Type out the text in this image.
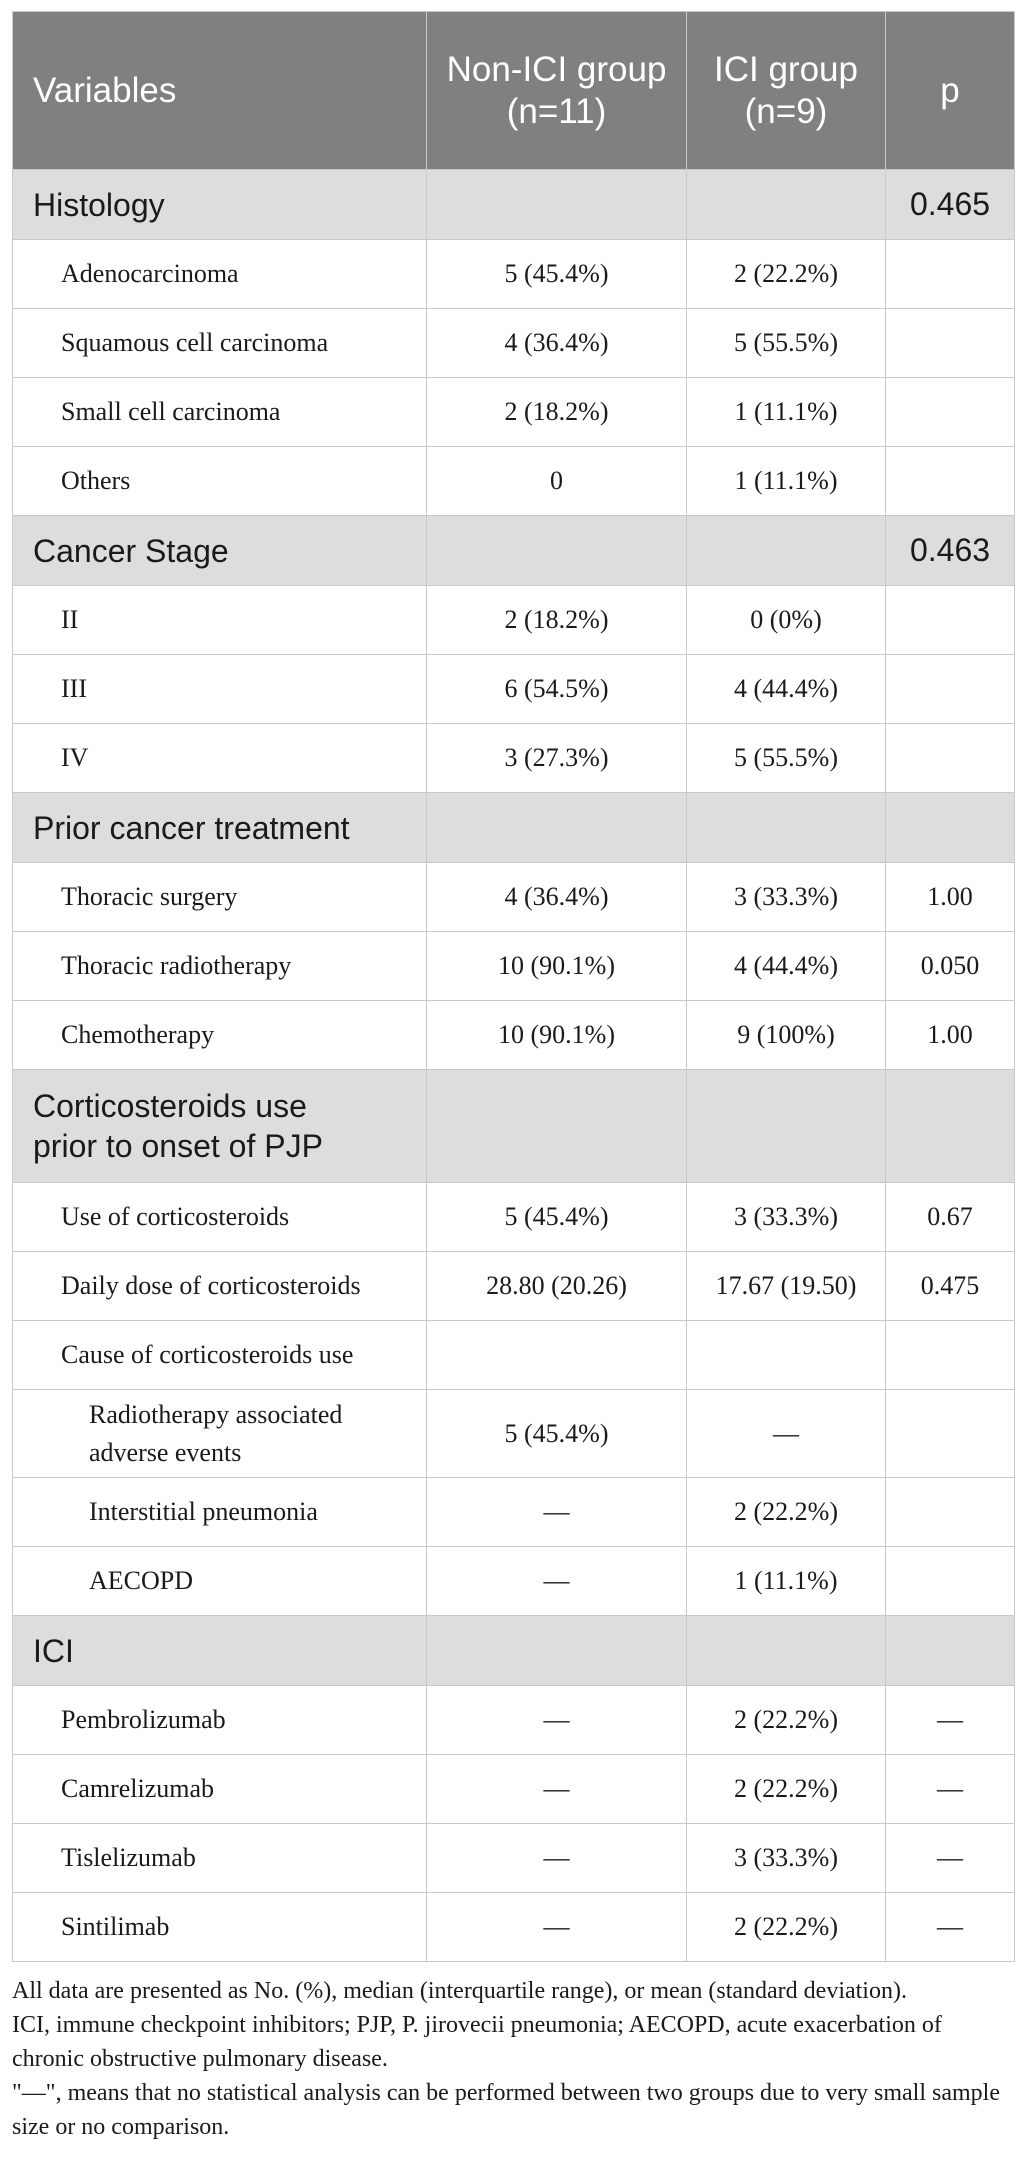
Variables	Non-ICI group (n=11)	ICI group (n=9)	p
Histology			0.465
Adenocarcinoma	5 (45.4%)	2 (22.2%)	
Squamous cell carcinoma	4 (36.4%)	5 (55.5%)	
Small cell carcinoma	2 (18.2%)	1 (11.1%)	
Others	0	1 (11.1%)	
Cancer Stage			0.463
II	2 (18.2%)	0 (0%)	
III	6 (54.5%)	4 (44.4%)	
IV	3 (27.3%)	5 (55.5%)	
Prior cancer treatment			
Thoracic surgery	4 (36.4%)	3 (33.3%)	1.00
Thoracic radiotherapy	10 (90.1%)	4 (44.4%)	0.050
Chemotherapy	10 (90.1%)	9 (100%)	1.00
Corticosteroids use
prior to onset of PJP			
Use of corticosteroids	5 (45.4%)	3 (33.3%)	0.67
Daily dose of corticosteroids	28.80 (20.26)	17.67 (19.50)	0.475
Cause of corticosteroids use			
Radiotherapy associated
adverse events	5 (45.4%)	—	
Interstitial pneumonia	—	2 (22.2%)	
AECOPD	—	1 (11.1%)	
ICI			
Pembrolizumab	—	2 (22.2%)	—
Camrelizumab	—	2 (22.2%)	—
Tislelizumab	—	3 (33.3%)	—
Sintilimab	—	2 (22.2%)	—

All data are presented as No. (%), median (interquartile range), or mean (standard deviation).

ICI, immune checkpoint inhibitors; PJP, P. jirovecii pneumonia; AECOPD, acute exacerbation of chronic obstructive pulmonary disease.

"—", means that no statistical analysis can be performed between two groups due to very small sample size or no comparison.
